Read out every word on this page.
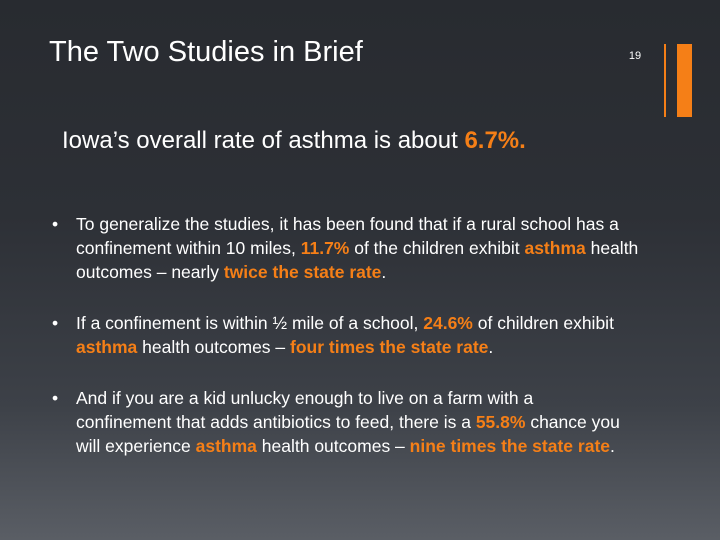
The Two Studies in Brief	19
Iowa’s overall rate of asthma is about 6.7%.
•	To generalize the studies, it has been found that if a rural school has a confinement within 10 miles, 11.7% of the children exhibit asthma health outcomes – nearly twice the state rate.
•	If a confinement is within ½ mile of a school, 24.6% of children exhibit asthma health outcomes – four times the state rate.
•	And if you are a kid unlucky enough to live on a farm with a confinement that adds antibiotics to feed, there is a 55.8% chance you will experience asthma health outcomes – nine times the state rate.
